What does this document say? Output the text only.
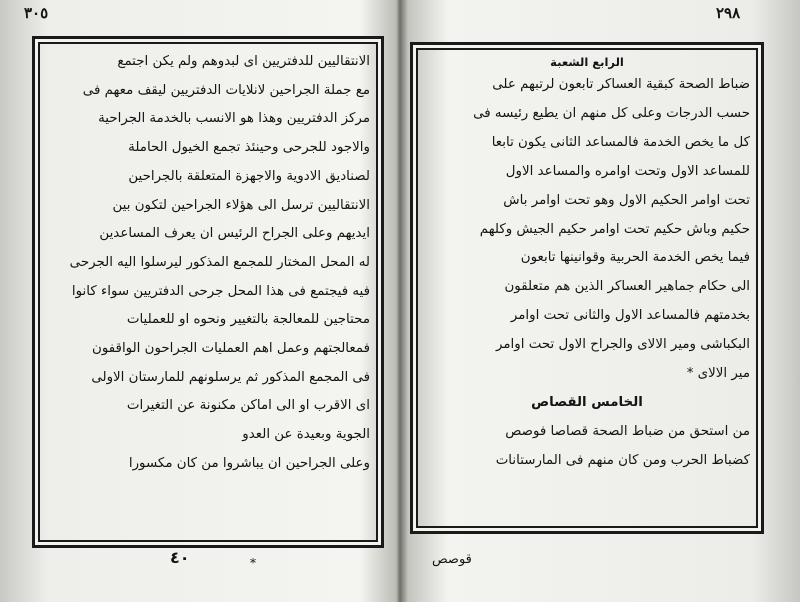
٣٠٥

الانتقاليين للدفتريين اى لبدوهم ولم يكن اجتمع

مع جملة الجراحين لانلايات الدفتريين ليقف معهم فى

مركز الدفتريين وهذا هو الانسب بالخدمة الجراحية

والاجود للجرحى وحينئذ تجمع الخيول الحاملة

لصناديق الادوية والاجهزة المتعلقة بالجراحين

الانتقاليين ترسل الى هؤلاء الجراحين لتكون بين

ايديهم وعلى الجراح الرئيس ان يعرف المساعدين

له المحل المختار للمجمع المذكور ليرسلوا اليه الجرحى

فيه فيجتمع فى هذا المحل جرحى الدفتريين سواء كانوا

محتاجين للمعالجة بالتغيير ونحوه او للعمليات

فمعالجتهم وعمل اهم العمليات الجراحون الواقفون

فى المجمع المذكور ثم يرسلونهم للمارستان الاولى

اى الاقرب او الى اماكن مكنونة عن التغيرات

الجوية وبعيدة عن العدو

وعلى الجراحين ان يباشروا من كان مكسورا

٤٠	*
٢٩٨
الرابع الشعبة

ضباط الصحة كبقية العساكر تابعون لرتبهم على

حسب الدرجات وعلى كل منهم ان يطيع رئيسه فى

كل ما يخص الخدمة فالمساعد الثانى يكون تابعا

للمساعد الاول وتحت اوامره والمساعد الاول

تحت اوامر الحكيم الاول وهو تحت اوامر باش

حكيم وباش حكيم تحت اوامر حكيم الجيش وكلهم

فيما يخص الخدمة الحربية وقوانينها تابعون

الى حكام جماهير العساكر الذين هم متعلقون

بخدمتهم فالمساعد الاول والثانى تحت اوامر

البكباشى ومير الالاى والجراح الاول تحت اوامر

مير الالاى *

الخامس القصاص

من استحق من ضباط الصحة قصاصا فوصص

كضباط الحرب ومن كان منهم فى المارستانات

قوصص
